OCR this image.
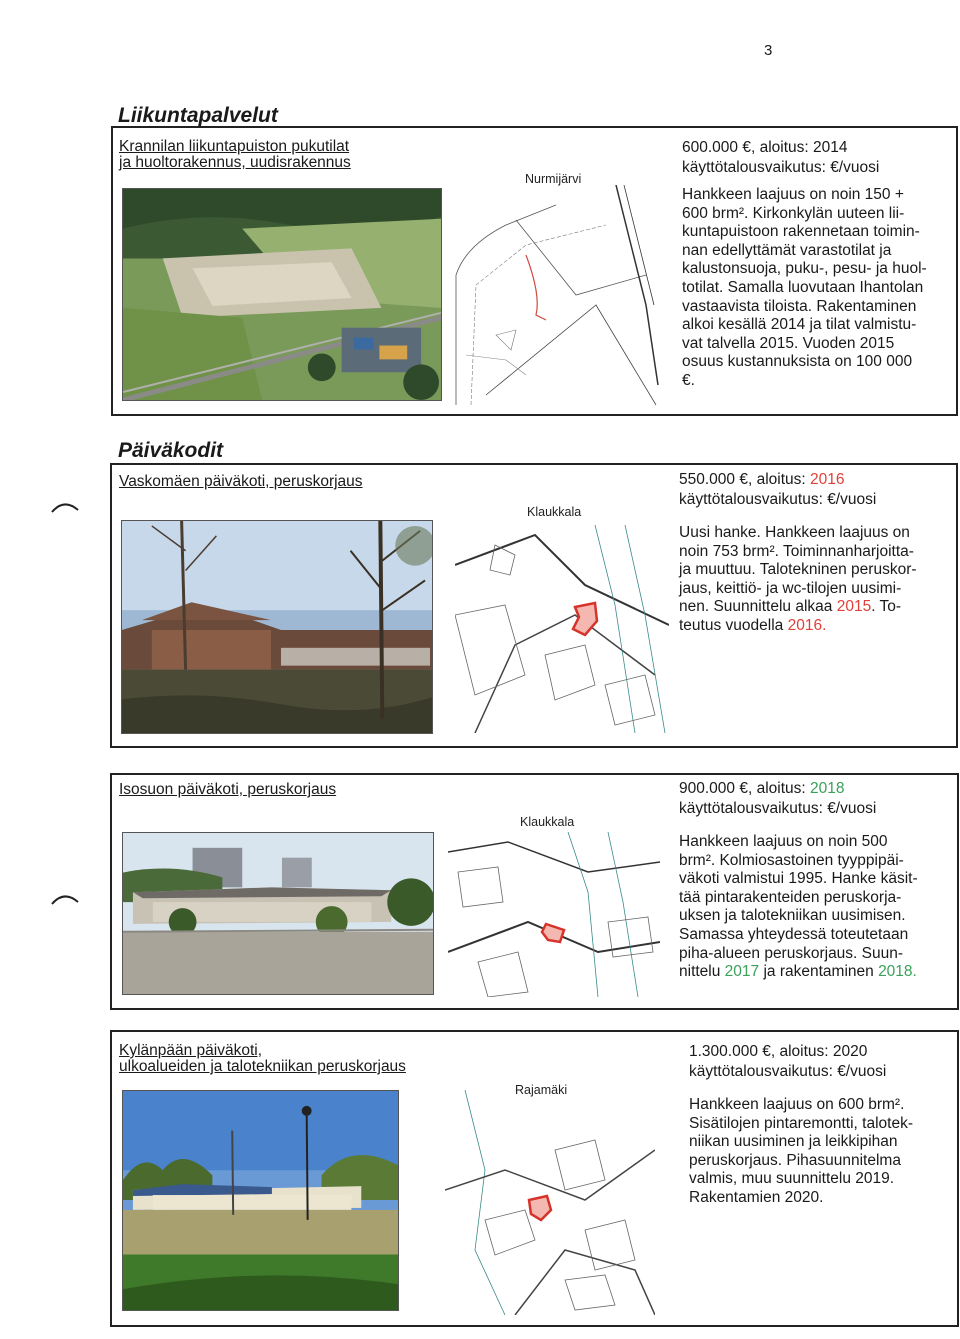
3
Liikuntapalvelut
Krannilan liikuntapuiston pukutilat
ja huoltorakennus, uudisrakennus
Nurmijärvi
600.000 €, aloitus: 2014
käyttötalousvaikutus: €/vuosi
Hankkeen laajuus on noin 150 +
600 brm². Kirkonkylän uuteen lii-
kuntapuistoon rakennetaan toimin-
nan edellyttämät varastotilat ja
kalustonsuoja, puku-, pesu- ja huol-
totilat. Samalla luovutaan Ihantolan
vastaavista tiloista. Rakentaminen
alkoi kesällä 2014 ja tilat valmistu-
vat talvella 2015. Vuoden 2015
osuus kustannuksista on 100 000
€.
Päiväkodit
Vaskomäen päiväkoti, peruskorjaus
Klaukkala
550.000 €, aloitus: 2016
käyttötalousvaikutus: €/vuosi
Uusi hanke. Hankkeen laajuus on
noin 753 brm². Toiminnanharjoitta-
ja muuttuu. Talotekninen peruskor-
jaus, keittiö- ja wc-tilojen uusimi-
nen. Suunnittelu alkaa 2015. To-
teutus vuodella 2016.
Isosuon päiväkoti, peruskorjaus
Klaukkala
900.000 €, aloitus: 2018
käyttötalousvaikutus: €/vuosi
Hankkeen laajuus on noin 500
brm². Kolmiosastoinen tyyppipäi-
väkoti valmistui 1995. Hanke käsit-
tää pintarakenteiden peruskorja-
uksen ja talotekniikan uusimisen.
Samassa yhteydessä toteutetaan
piha-alueen peruskorjaus. Suun-
nittelu 2017 ja rakentaminen 2018.
Kylänpään päiväkoti,
ulkoalueiden ja talotekniikan peruskorjaus
Rajamäki
1.300.000 €, aloitus: 2020
käyttötalousvaikutus: €/vuosi
Hankkeen laajuus on 600 brm².
Sisätilojen pintaremontti, talotek-
niikan uusiminen ja leikkipihan
peruskorjaus. Pihasuunnitelma
valmis, muu suunnittelu 2019.
Rakentamien 2020.
